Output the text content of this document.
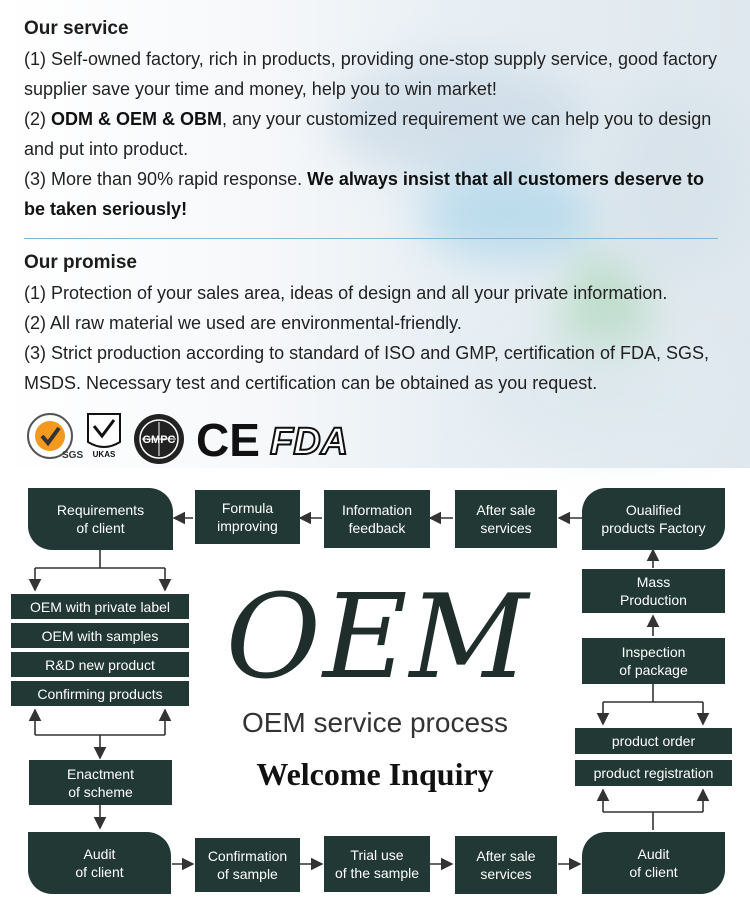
Our service

(1) Self-owned factory, rich in products, providing one-stop supply service, good factory supplier save your time and money, help you to win market!

(2) ODM & OEM & OBM, any your customized requirement we can help you to design and put into product.

(3) More than 90% rapid response. We always insist that all customers deserve to be taken seriously!

Our promise

(1) Protection of your sales area, ideas of design and all your private information.

(2) All raw material we used are environmental-friendly.

(3) Strict production according to standard of ISO and GMP, certification of FDA, SGS, MSDS. Necessary test and certification can be obtained as you request.

SGS UKAS
GMPC CE FDA
Requirements
of client
Formula
improving
Information
feedback
After sale
services
Oualified
products Factory
OEM with private label
OEM with samples
R&D new product
Confirming products
Enactment
of scheme
Mass
Production
Inspection
of package
product order
product registration
Audit
of client
Confirmation
of sample
Trial use
of the sample
After sale
services
Audit
of client
OEM
OEM service process
Welcome Inquiry
